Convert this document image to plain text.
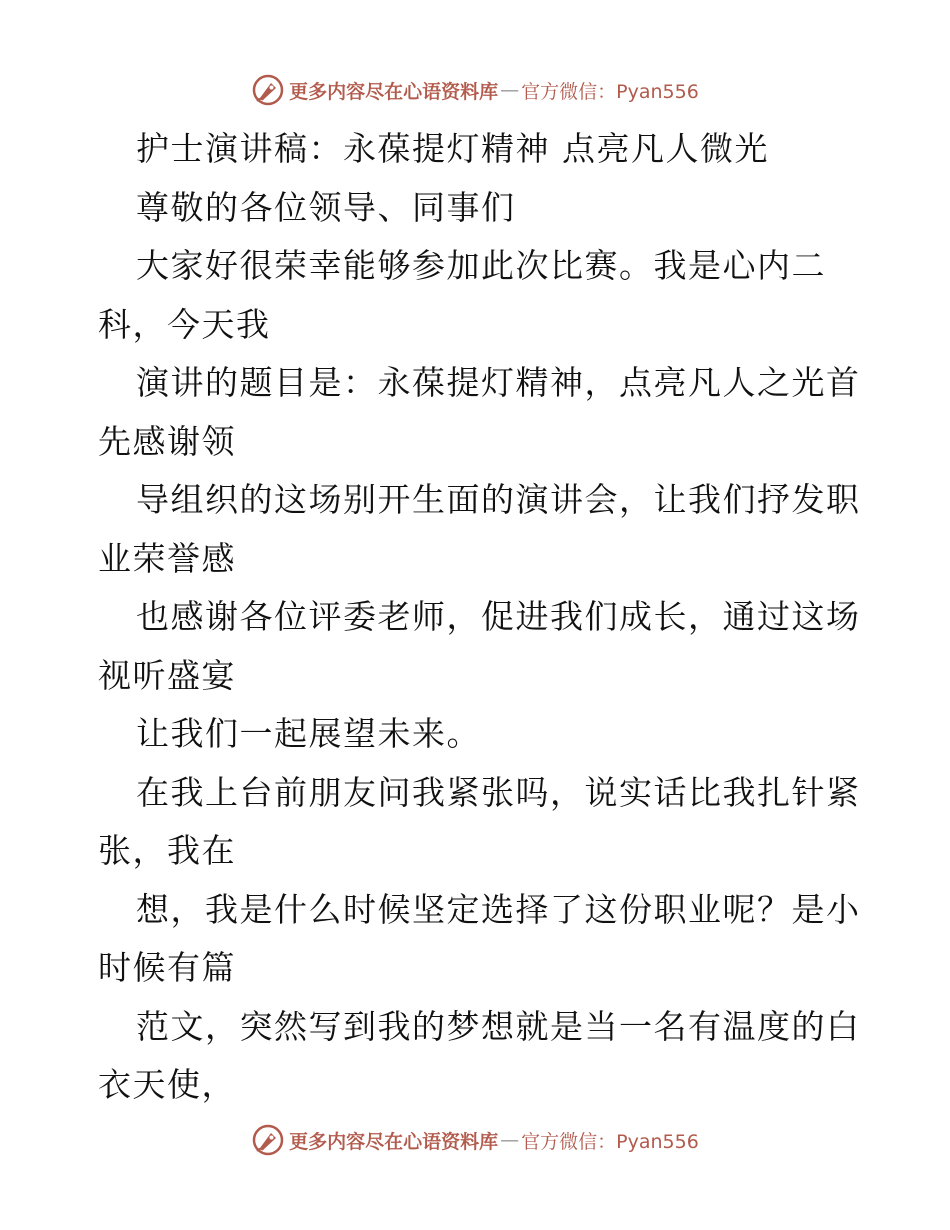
更多内容尽在心语资料库 — 官方微信：Pyan556
护士演讲稿：永葆提灯精神 点亮凡人微光
尊敬的各位领导、同事们
大家好很荣幸能够参加此次比赛。我是心内二
科，今天我
演讲的题目是：永葆提灯精神，点亮凡人之光首
先感谢领
导组织的这场别开生面的演讲会，让我们抒发职
业荣誉感
也感谢各位评委老师，促进我们成长，通过这场
视听盛宴
让我们一起展望未来。
在我上台前朋友问我紧张吗，说实话比我扎针紧
张，我在
想，我是什么时候坚定选择了这份职业呢？是小
时候有篇
范文，突然写到我的梦想就是当一名有温度的白
衣天使，
更多内容尽在心语资料库 — 官方微信：Pyan556
